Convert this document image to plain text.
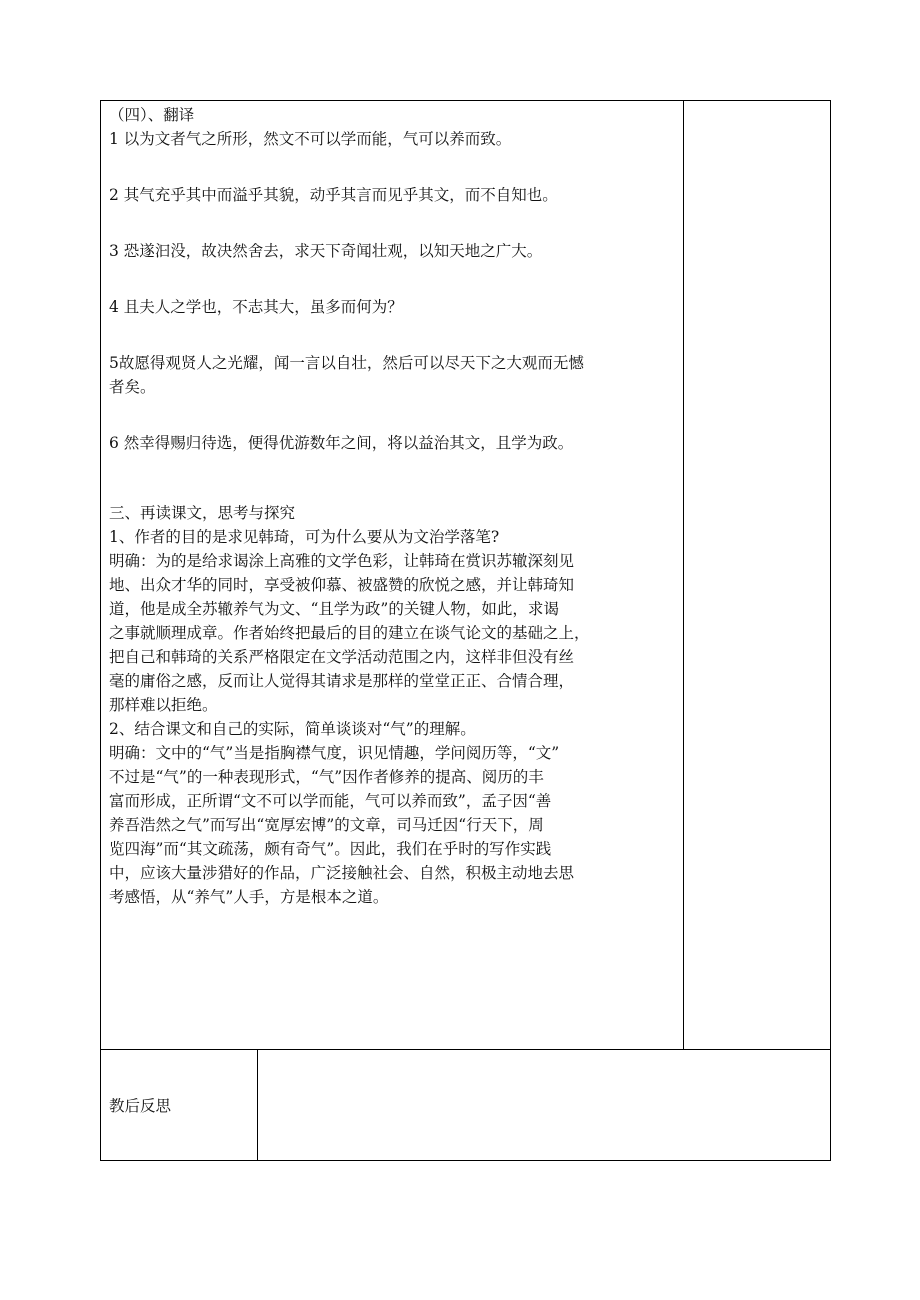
（四）、翻译
1 以为文者气之所形，然文不可以学而能，气可以养而致。
2 其气充乎其中而溢乎其貌，动乎其言而见乎其文，而不自知也。
3 恐遂汩没，故决然舍去，求天下奇闻壮观，以知天地之广大。
4 且夫人之学也，不志其大，虽多而何为？
5故愿得观贤人之光耀，闻一言以自壮，然后可以尽天下之大观而无憾
者矣。
6 然幸得赐归待选，便得优游数年之间，将以益治其文，且学为政。
三、再读课文，思考与探究
1、作者的目的是求见韩琦，可为什么要从为文治学落笔?
明确：为的是给求谒涂上高雅的文学色彩，让韩琦在赏识苏辙深刻见
地、出众才华的同时，享受被仰慕、被盛赞的欣悦之感，并让韩琦知
道，他是成全苏辙养气为文、“且学为政”的关键人物，如此，求谒
之事就顺理成章。作者始终把最后的目的建立在谈气论文的基础之上，
把自己和韩琦的关系严格限定在文学活动范围之内，这样非但没有丝
毫的庸俗之感，反而让人觉得其请求是那样的堂堂正正、合情合理，
那样难以拒绝。
2、结合课文和自己的实际，简单谈谈对“气”的理解。
明确：文中的“气”当是指胸襟气度，识见情趣，学问阅历等，“文”
不过是“气”的一种表现形式，“气”因作者修养的提高、阅历的丰
富而形成，正所谓“文不可以学而能，气可以养而致”，孟子因“善
养吾浩然之气”而写出“宽厚宏博”的文章，司马迁因“行天下，周
览四海”而“其文疏荡，颇有奇气”。因此，我们在乎时的写作实践
中，应该大量涉猎好的作品，广泛接触社会、自然，积极主动地去思
考感悟，从“养气”人手，方是根本之道。
教后反思
